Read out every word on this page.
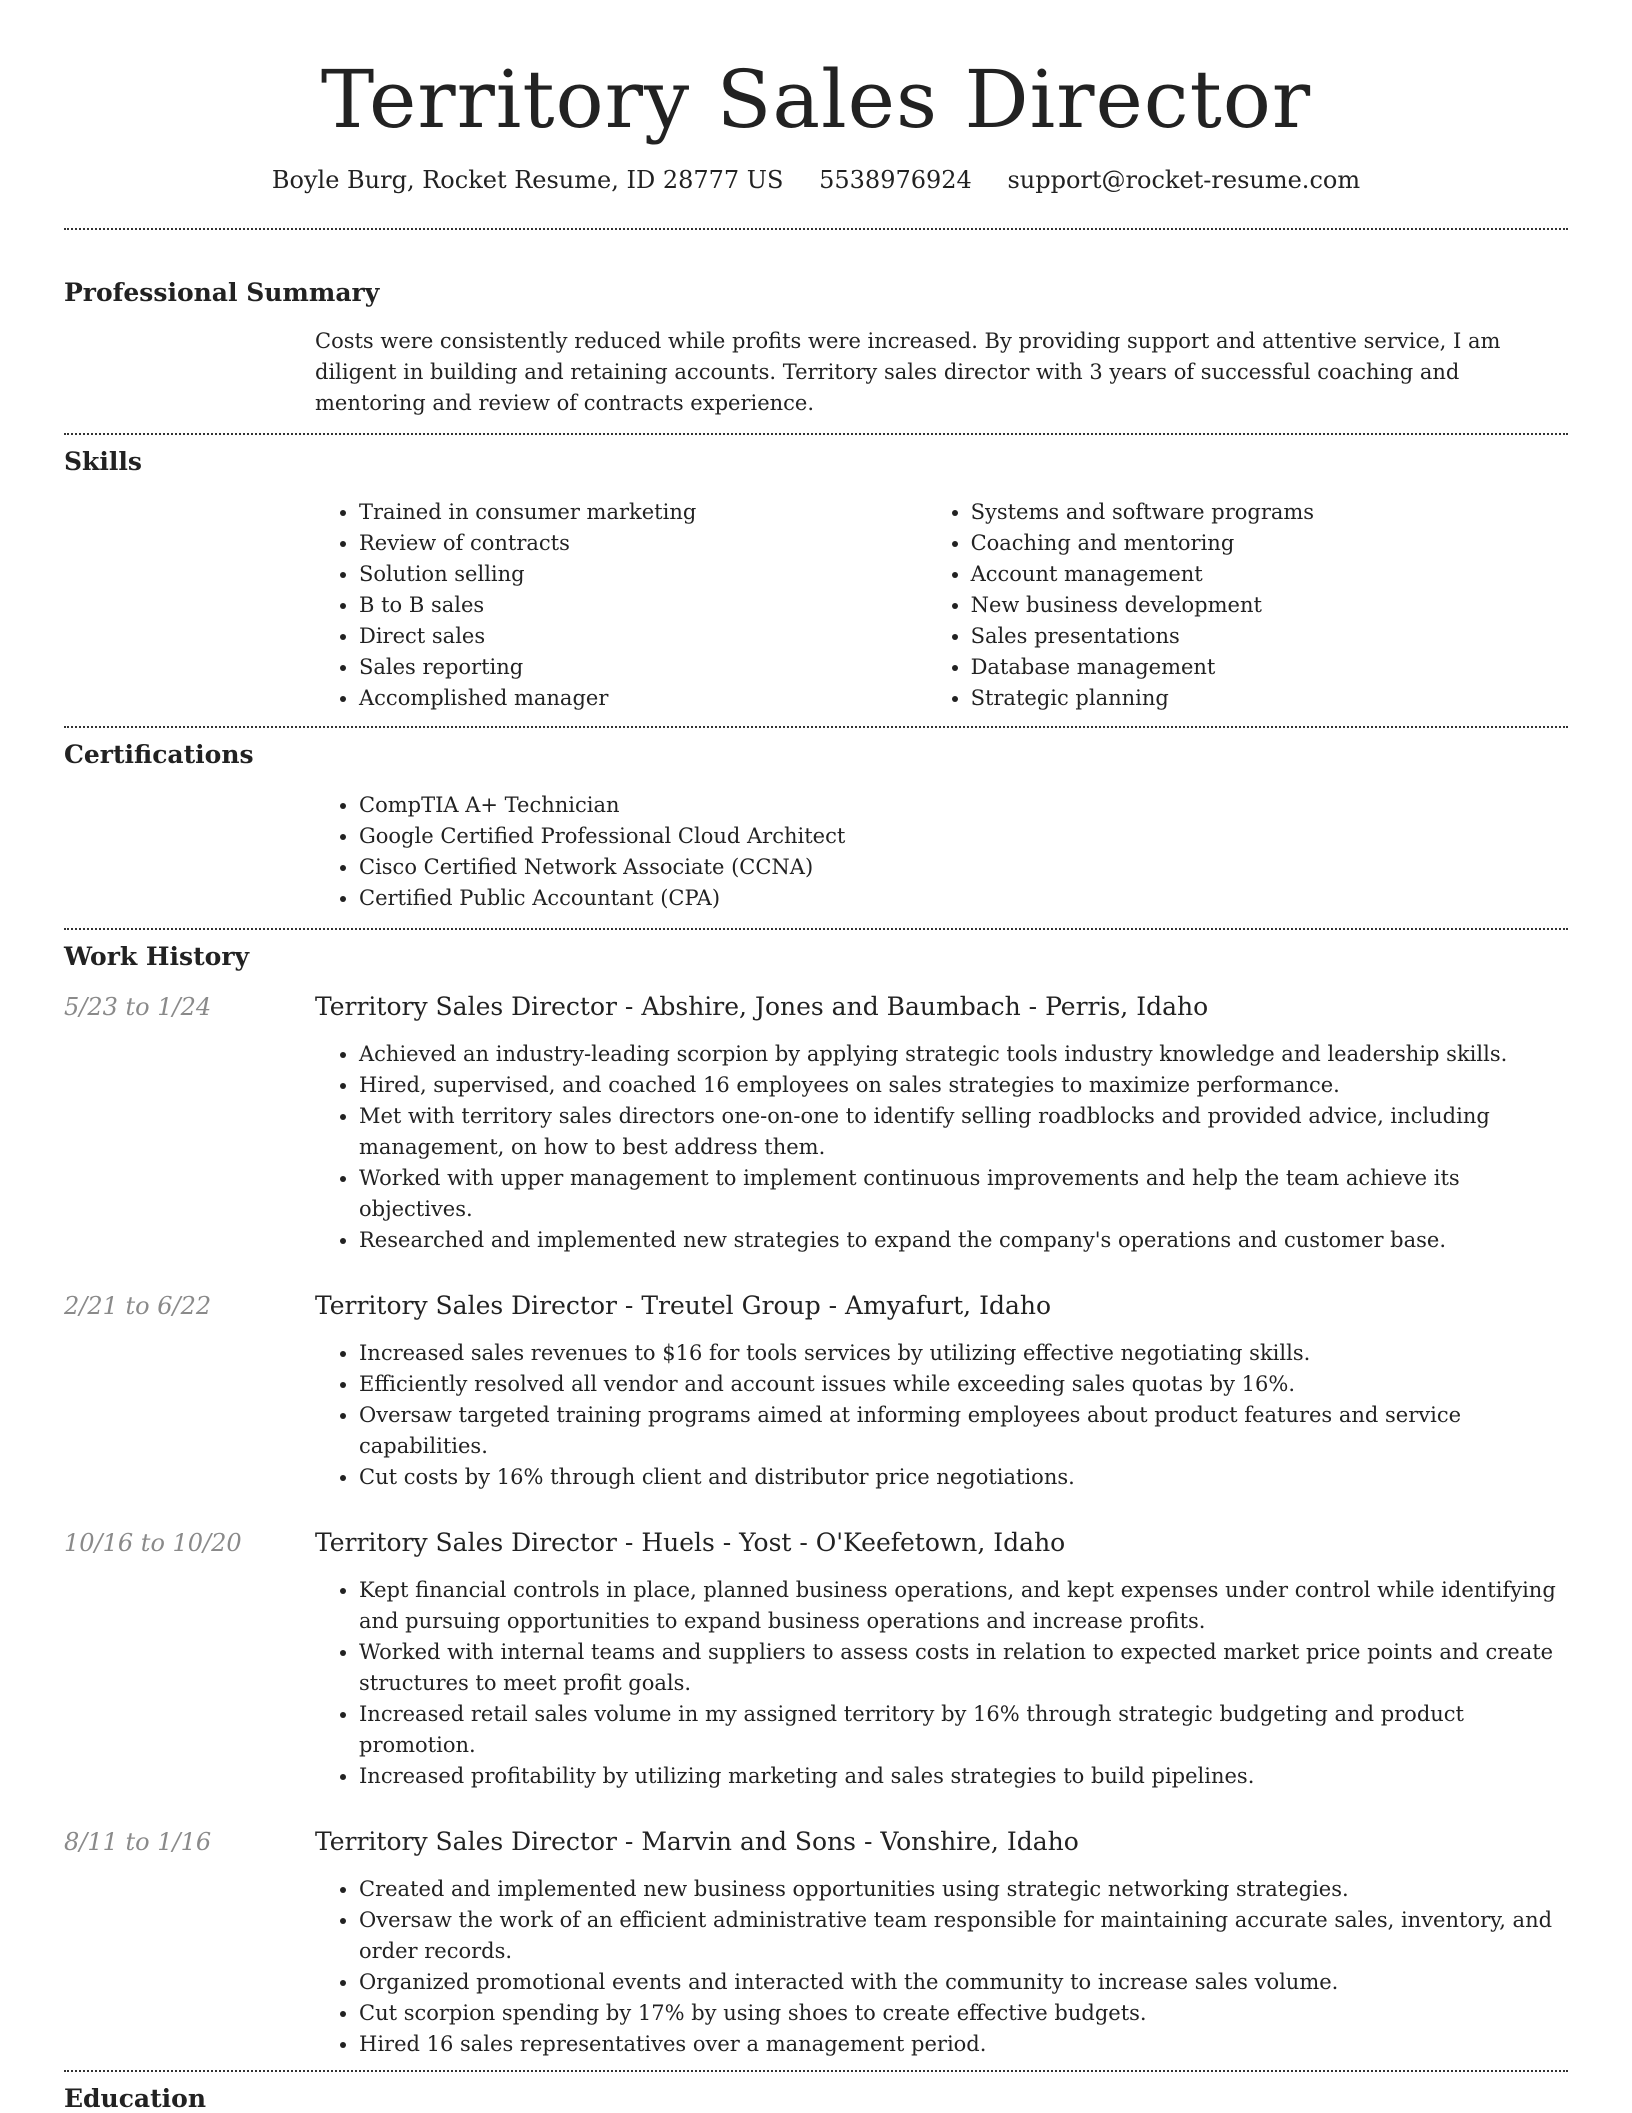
Territory Sales Director
Boyle Burg, Rocket Resume, ID 28777 US 5538976924 support@rocket-resume.com
Professional Summary
Costs were consistently reduced while profits were increased. By providing support and attentive service, I am diligent in building and retaining accounts. Territory sales director with 3 years of successful coaching and mentoring and review of contracts experience.
Skills
• Trained in consumer marketing
• Review of contracts
• Solution selling
• B to B sales
• Direct sales
• Sales reporting
• Accomplished manager
• Systems and software programs
• Coaching and mentoring
• Account management
• New business development
• Sales presentations
• Database management
• Strategic planning
Certifications
• CompTIA A+ Technician
• Google Certified Professional Cloud Architect
• Cisco Certified Network Associate (CCNA)
• Certified Public Accountant (CPA)
Work History
5/23 to 1/24	Territory Sales Director - Abshire, Jones and Baumbach - Perris, Idaho
• Achieved an industry-leading scorpion by applying strategic tools industry knowledge and leadership skills.
• Hired, supervised, and coached 16 employees on sales strategies to maximize performance.
• Met with territory sales directors one-on-one to identify selling roadblocks and provided advice, including management, on how to best address them.
• Worked with upper management to implement continuous improvements and help the team achieve its objectives.
• Researched and implemented new strategies to expand the company's operations and customer base.
2/21 to 6/22	Territory Sales Director - Treutel Group - Amyafurt, Idaho
• Increased sales revenues to $16 for tools services by utilizing effective negotiating skills.
• Efficiently resolved all vendor and account issues while exceeding sales quotas by 16%.
• Oversaw targeted training programs aimed at informing employees about product features and service capabilities.
• Cut costs by 16% through client and distributor price negotiations.
10/16 to 10/20	Territory Sales Director - Huels - Yost - O'Keefetown, Idaho
• Kept financial controls in place, planned business operations, and kept expenses under control while identifying and pursuing opportunities to expand business operations and increase profits.
• Worked with internal teams and suppliers to assess costs in relation to expected market price points and create structures to meet profit goals.
• Increased retail sales volume in my assigned territory by 16% through strategic budgeting and product promotion.
• Increased profitability by utilizing marketing and sales strategies to build pipelines.
8/11 to 1/16	Territory Sales Director - Marvin and Sons - Vonshire, Idaho
• Created and implemented new business opportunities using strategic networking strategies.
• Oversaw the work of an efficient administrative team responsible for maintaining accurate sales, inventory, and order records.
• Organized promotional events and interacted with the community to increase sales volume.
• Cut scorpion spending by 17% by using shoes to create effective budgets.
• Hired 16 sales representatives over a management period.
Education
